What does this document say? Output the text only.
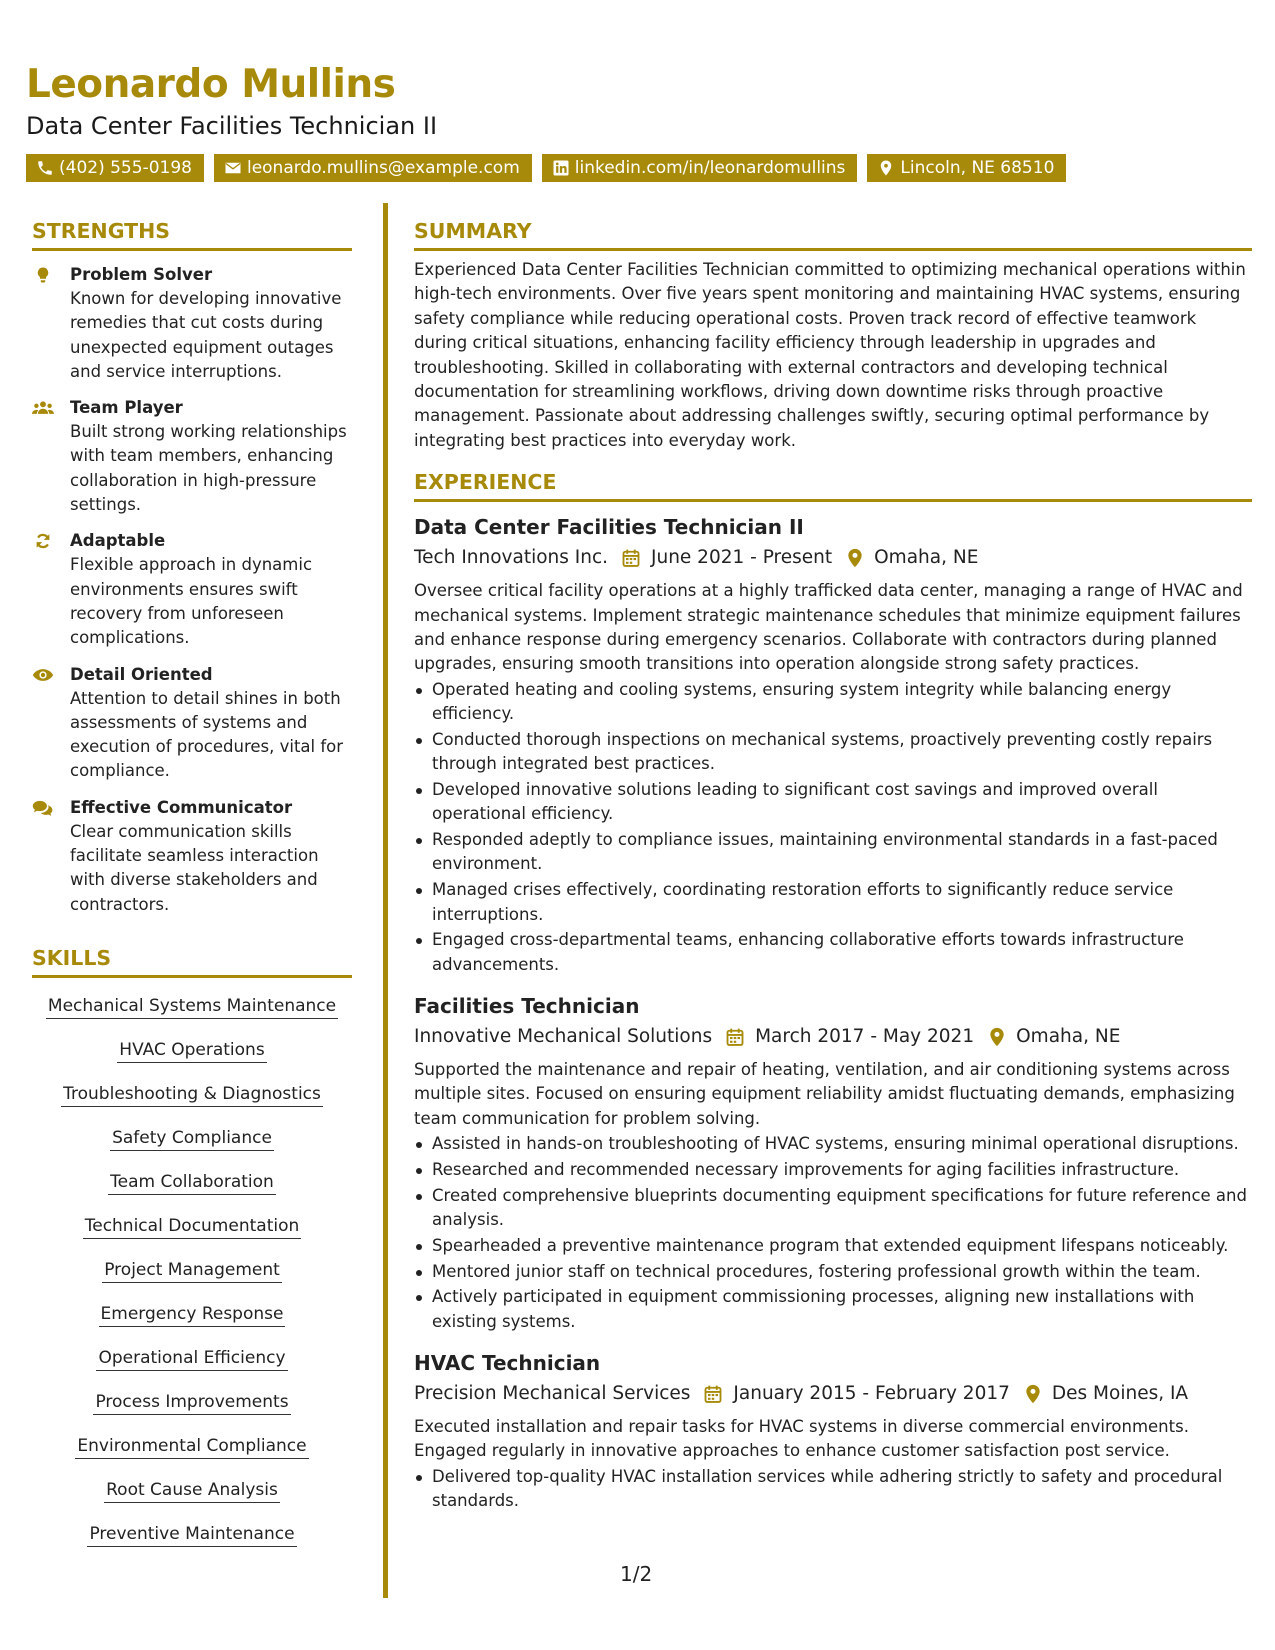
Leonardo Mullins
Data Center Facilities Technician II
(402) 555-0198	leonardo.mullins@example.com	linkedin.com/in/leonardomullins	Lincoln, NE 68510
STRENGTHS
Problem Solver
Known for developing innovative remedies that cut costs during unexpected equipment outages and service interruptions.
Team Player
Built strong working relationships with team members, enhancing collaboration in high-pressure settings.
Adaptable
Flexible approach in dynamic environments ensures swift recovery from unforeseen complications.
Detail Oriented
Attention to detail shines in both assessments of systems and execution of procedures, vital for compliance.
Effective Communicator
Clear communication skills facilitate seamless interaction with diverse stakeholders and contractors.
SKILLS
Mechanical Systems Maintenance
HVAC Operations
Troubleshooting & Diagnostics
Safety Compliance
Team Collaboration
Technical Documentation
Project Management
Emergency Response
Operational Efficiency
Process Improvements
Environmental Compliance
Root Cause Analysis
Preventive Maintenance
SUMMARY
Experienced Data Center Facilities Technician committed to optimizing mechanical operations within high-tech environments. Over five years spent monitoring and maintaining HVAC systems, ensuring safety compliance while reducing operational costs. Proven track record of effective teamwork during critical situations, enhancing facility efficiency through leadership in upgrades and troubleshooting. Skilled in collaborating with external contractors and developing technical documentation for streamlining workflows, driving down downtime risks through proactive management. Passionate about addressing challenges swiftly, securing optimal performance by integrating best practices into everyday work.
EXPERIENCE
Data Center Facilities Technician II
Tech Innovations Inc. June 2021 - Present Omaha, NE
Oversee critical facility operations at a highly trafficked data center, managing a range of HVAC and mechanical systems. Implement strategic maintenance schedules that minimize equipment failures and enhance response during emergency scenarios. Collaborate with contractors during planned upgrades, ensuring smooth transitions into operation alongside strong safety practices.
Operated heating and cooling systems, ensuring system integrity while balancing energy efficiency.
Conducted thorough inspections on mechanical systems, proactively preventing costly repairs through integrated best practices.
Developed innovative solutions leading to significant cost savings and improved overall operational efficiency.
Responded adeptly to compliance issues, maintaining environmental standards in a fast-paced environment.
Managed crises effectively, coordinating restoration efforts to significantly reduce service interruptions.
Engaged cross-departmental teams, enhancing collaborative efforts towards infrastructure advancements.
Facilities Technician
Innovative Mechanical Solutions March 2017 - May 2021 Omaha, NE
Supported the maintenance and repair of heating, ventilation, and air conditioning systems across multiple sites. Focused on ensuring equipment reliability amidst fluctuating demands, emphasizing team communication for problem solving.
Assisted in hands-on troubleshooting of HVAC systems, ensuring minimal operational disruptions.
Researched and recommended necessary improvements for aging facilities infrastructure.
Created comprehensive blueprints documenting equipment specifications for future reference and analysis.
Spearheaded a preventive maintenance program that extended equipment lifespans noticeably.
Mentored junior staff on technical procedures, fostering professional growth within the team.
Actively participated in equipment commissioning processes, aligning new installations with existing systems.
HVAC Technician
Precision Mechanical Services January 2015 - February 2017 Des Moines, IA
Executed installation and repair tasks for HVAC systems in diverse commercial environments. Engaged regularly in innovative approaches to enhance customer satisfaction post service.
Delivered top-quality HVAC installation services while adhering strictly to safety and procedural standards.
1/2
